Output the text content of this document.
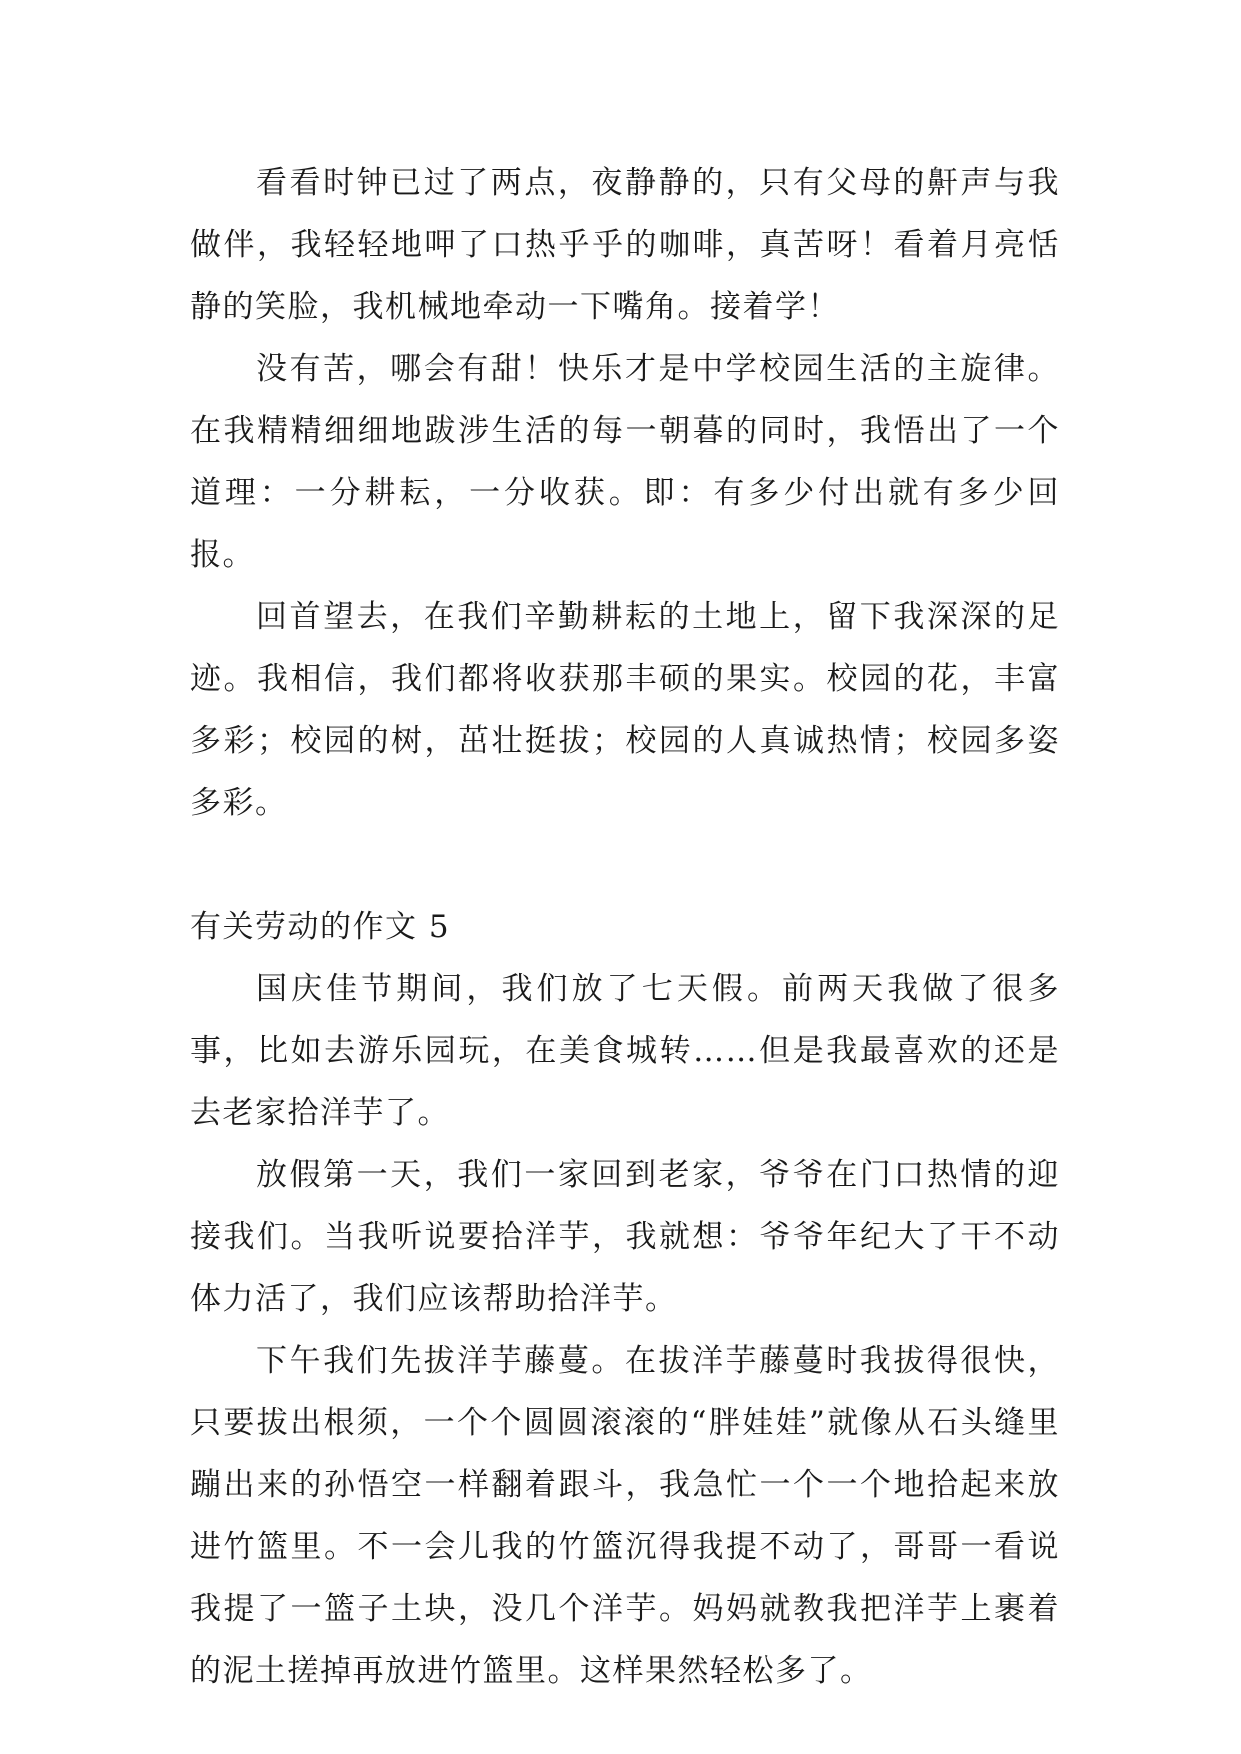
看看时钟已过了两点，夜静静的，只有父母的鼾声与我做伴，我轻轻地呷了口热乎乎的咖啡，真苦呀！看着月亮恬静的笑脸，我机械地牵动一下嘴角。接着学！

没有苦，哪会有甜！快乐才是中学校园生活的主旋律。在我精精细细地跋涉生活的每一朝暮的同时，我悟出了一个道理：一分耕耘，一分收获。即：有多少付出就有多少回报。

回首望去，在我们辛勤耕耘的土地上，留下我深深的足迹。我相信，我们都将收获那丰硕的果实。校园的花，丰富多彩；校园的树，茁壮挺拔；校园的人真诚热情；校园多姿多彩。

有关劳动的作文 5

国庆佳节期间，我们放了七天假。前两天我做了很多事，比如去游乐园玩，在美食城转……但是我最喜欢的还是去老家拾洋芋了。

放假第一天，我们一家回到老家，爷爷在门口热情的迎接我们。当我听说要拾洋芋，我就想：爷爷年纪大了干不动体力活了，我们应该帮助拾洋芋。

下午我们先拔洋芋藤蔓。在拔洋芋藤蔓时我拔得很快，只要拔出根须，一个个圆圆滚滚的“胖娃娃”就像从石头缝里蹦出来的孙悟空一样翻着跟斗，我急忙一个一个地拾起来放进竹篮里。不一会儿我的竹篮沉得我提不动了，哥哥一看说我提了一篮子土块，没几个洋芋。妈妈就教我把洋芋上裹着的泥土搓掉再放进竹篮里。这样果然轻松多了。
